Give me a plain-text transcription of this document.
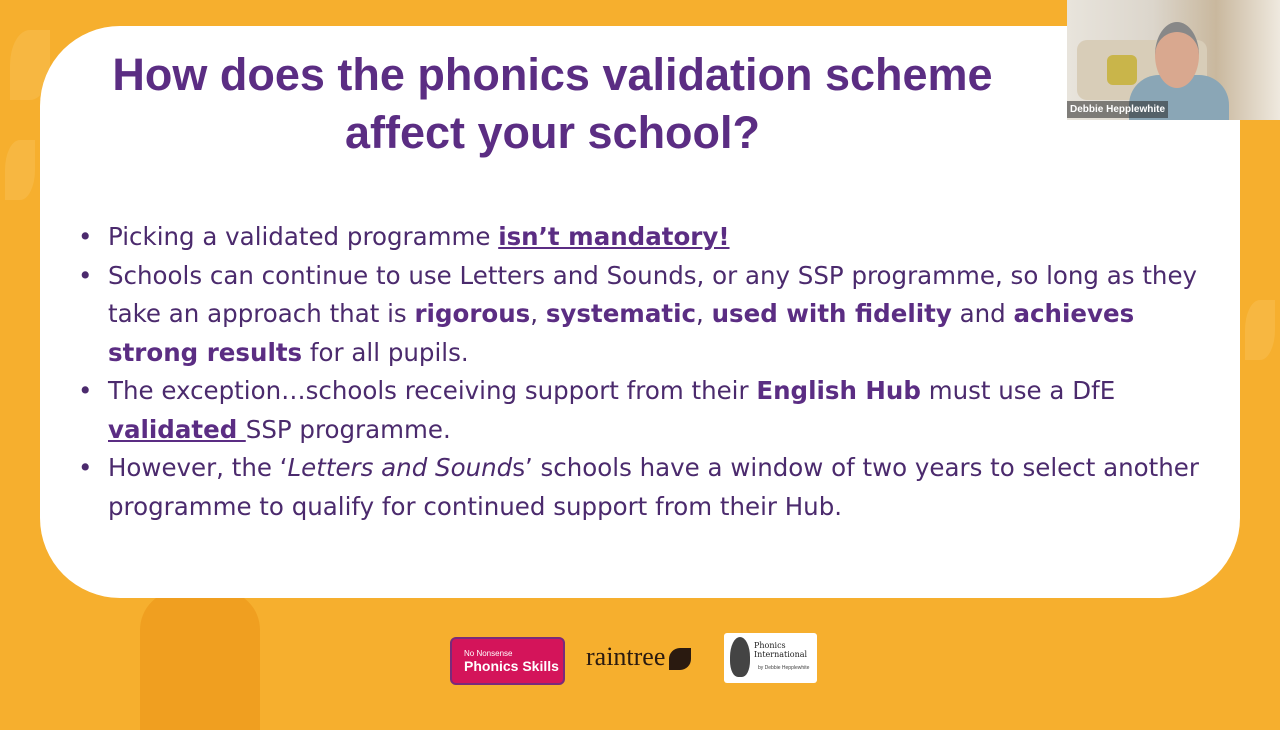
How does the phonics validation scheme affect your school?
• Picking a validated programme isn’t mandatory!
• Schools can continue to use Letters and Sounds, or any SSP programme, so long as they take an approach that is rigorous, systematic, used with fidelity and achieves strong results for all pupils.
• The exception…schools receiving support from their English Hub must use a DfE validated SSP programme.
• However, the ‘Letters and Sounds’ schools have a window of two years to select another programme to qualify for continued support from their Hub.
Debbie Hepplewhite
No Nonsense
Phonics Skills raintree	Phonics International
by Debbie Hepplewhite
